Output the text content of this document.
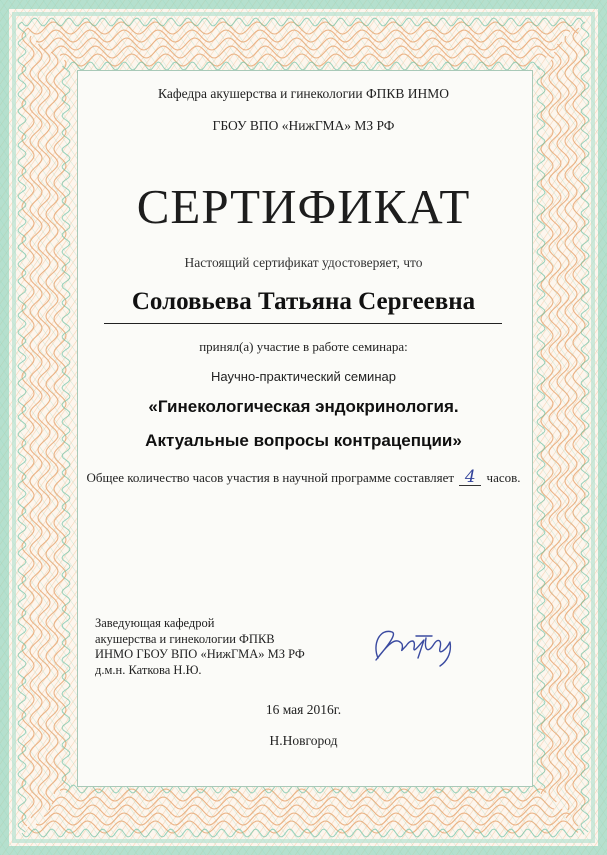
Кафедра акушерства и гинекологии ФПКВ ИНМО
ГБОУ ВПО «НижГМА» МЗ РФ
СЕРТИФИКАТ
Настоящий сертификат удостоверяет, что
Соловьева Татьяна Сергеевна
принял(а) участие в работе семинара:
Научно-практический семинар
«Гинекологическая эндокринология.
Актуальные вопросы контрацепции»
Общее количество часов участия в научной программе составляет 4 часов.
Заведующая кафедрой
акушерства и гинекологии ФПКВ
ИНМО ГБОУ ВПО «НижГМА» МЗ РФ
д.м.н. Каткова Н.Ю.
16 мая 2016г.
Н.Новгород
